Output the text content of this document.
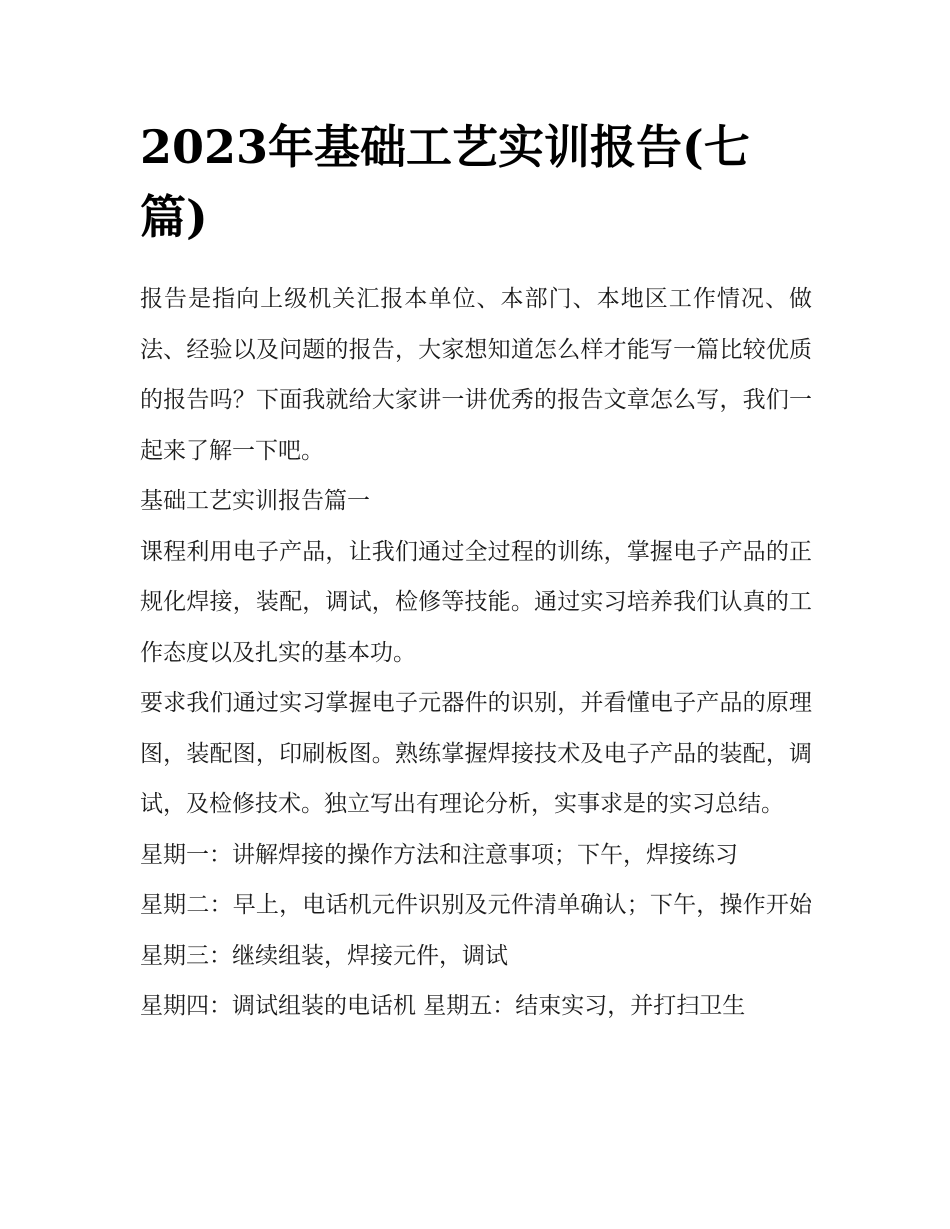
2023年基础工艺实训报告(七篇)

报告是指向上级机关汇报本单位、本部门、本地区工作情况、做法、经验以及问题的报告，大家想知道怎么样才能写一篇比较优质的报告吗？下面我就给大家讲一讲优秀的报告文章怎么写，我们一起来了解一下吧。

基础工艺实训报告篇一

课程利用电子产品，让我们通过全过程的训练，掌握电子产品的正规化焊接，装配，调试，检修等技能。通过实习培养我们认真的工作态度以及扎实的基本功。

要求我们通过实习掌握电子元器件的识别，并看懂电子产品的原理图，装配图，印刷板图。熟练掌握焊接技术及电子产品的装配，调试，及检修技术。独立写出有理论分析，实事求是的实习总结。

星期一：讲解焊接的操作方法和注意事项；下午，焊接练习

星期二：早上，电话机元件识别及元件清单确认；下午，操作开始 星期三：继续组装，焊接元件，调试

星期四：调试组装的电话机 星期五：结束实习，并打扫卫生
